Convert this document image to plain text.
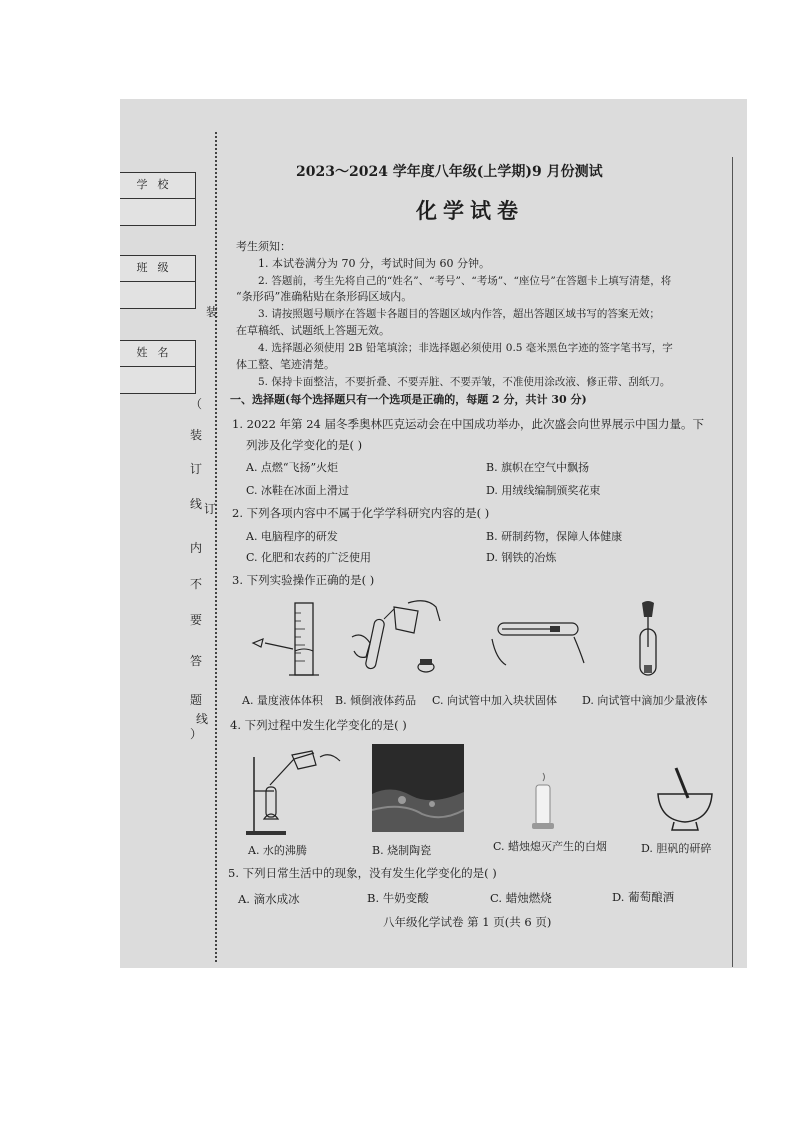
学校
班级
姓名
（
装
订
线
内
不
要
答
题
）
装
订
线
2023～2024 学年度八年级(上学期)9 月份测试
化学试卷
考生须知：
1. 本试卷满分为 70 分，考试时间为 60 分钟。
2. 答题前，考生先将自己的“姓名”、“考号”、“考场”、“座位号”在答题卡上填写清楚，将
“条形码”准确粘贴在条形码区域内。
3. 请按照题号顺序在答题卡各题目的答题区域内作答，超出答题区域书写的答案无效；
在草稿纸、试题纸上答题无效。
4. 选择题必须使用 2B 铅笔填涂；非选择题必须使用 0.5 毫米黑色字迹的签字笔书写，字
体工整、笔迹清楚。
5. 保持卡面整洁，不要折叠、不要弄脏、不要弄皱，不准使用涂改液、修正带、刮纸刀。
一、选择题(每个选择题只有一个选项是正确的，每题 2 分，共计 30 分)
1. 2022 年第 24 届冬季奥林匹克运动会在中国成功举办，此次盛会向世界展示中国力量。下
列涉及化学变化的是( )
A. 点燃“飞扬”火炬	B. 旗帜在空气中飘扬
C. 冰鞋在冰面上滑过	D. 用绒线编制颁奖花束
2. 下列各项内容中不属于化学学科研究内容的是( )
A. 电脑程序的研发	B. 研制药物，保障人体健康
C. 化肥和农药的广泛使用	D. 钢铁的冶炼
3. 下列实验操作正确的是( )
A. 量度液体体积 B. 倾倒液体药品 C. 向试管中加入块状固体 D. 向试管中滴加少量液体
4. 下列过程中发生化学变化的是( )
A. 水的沸腾	B. 烧制陶瓷	C. 蜡烛熄灭产生的白烟	D. 胆矾的研碎
5. 下列日常生活中的现象，没有发生化学变化的是( )
A. 滴水成冰	B. 牛奶变酸	C. 蜡烛燃烧	D. 葡萄酿酒
八年级化学试卷 第 1 页(共 6 页)
